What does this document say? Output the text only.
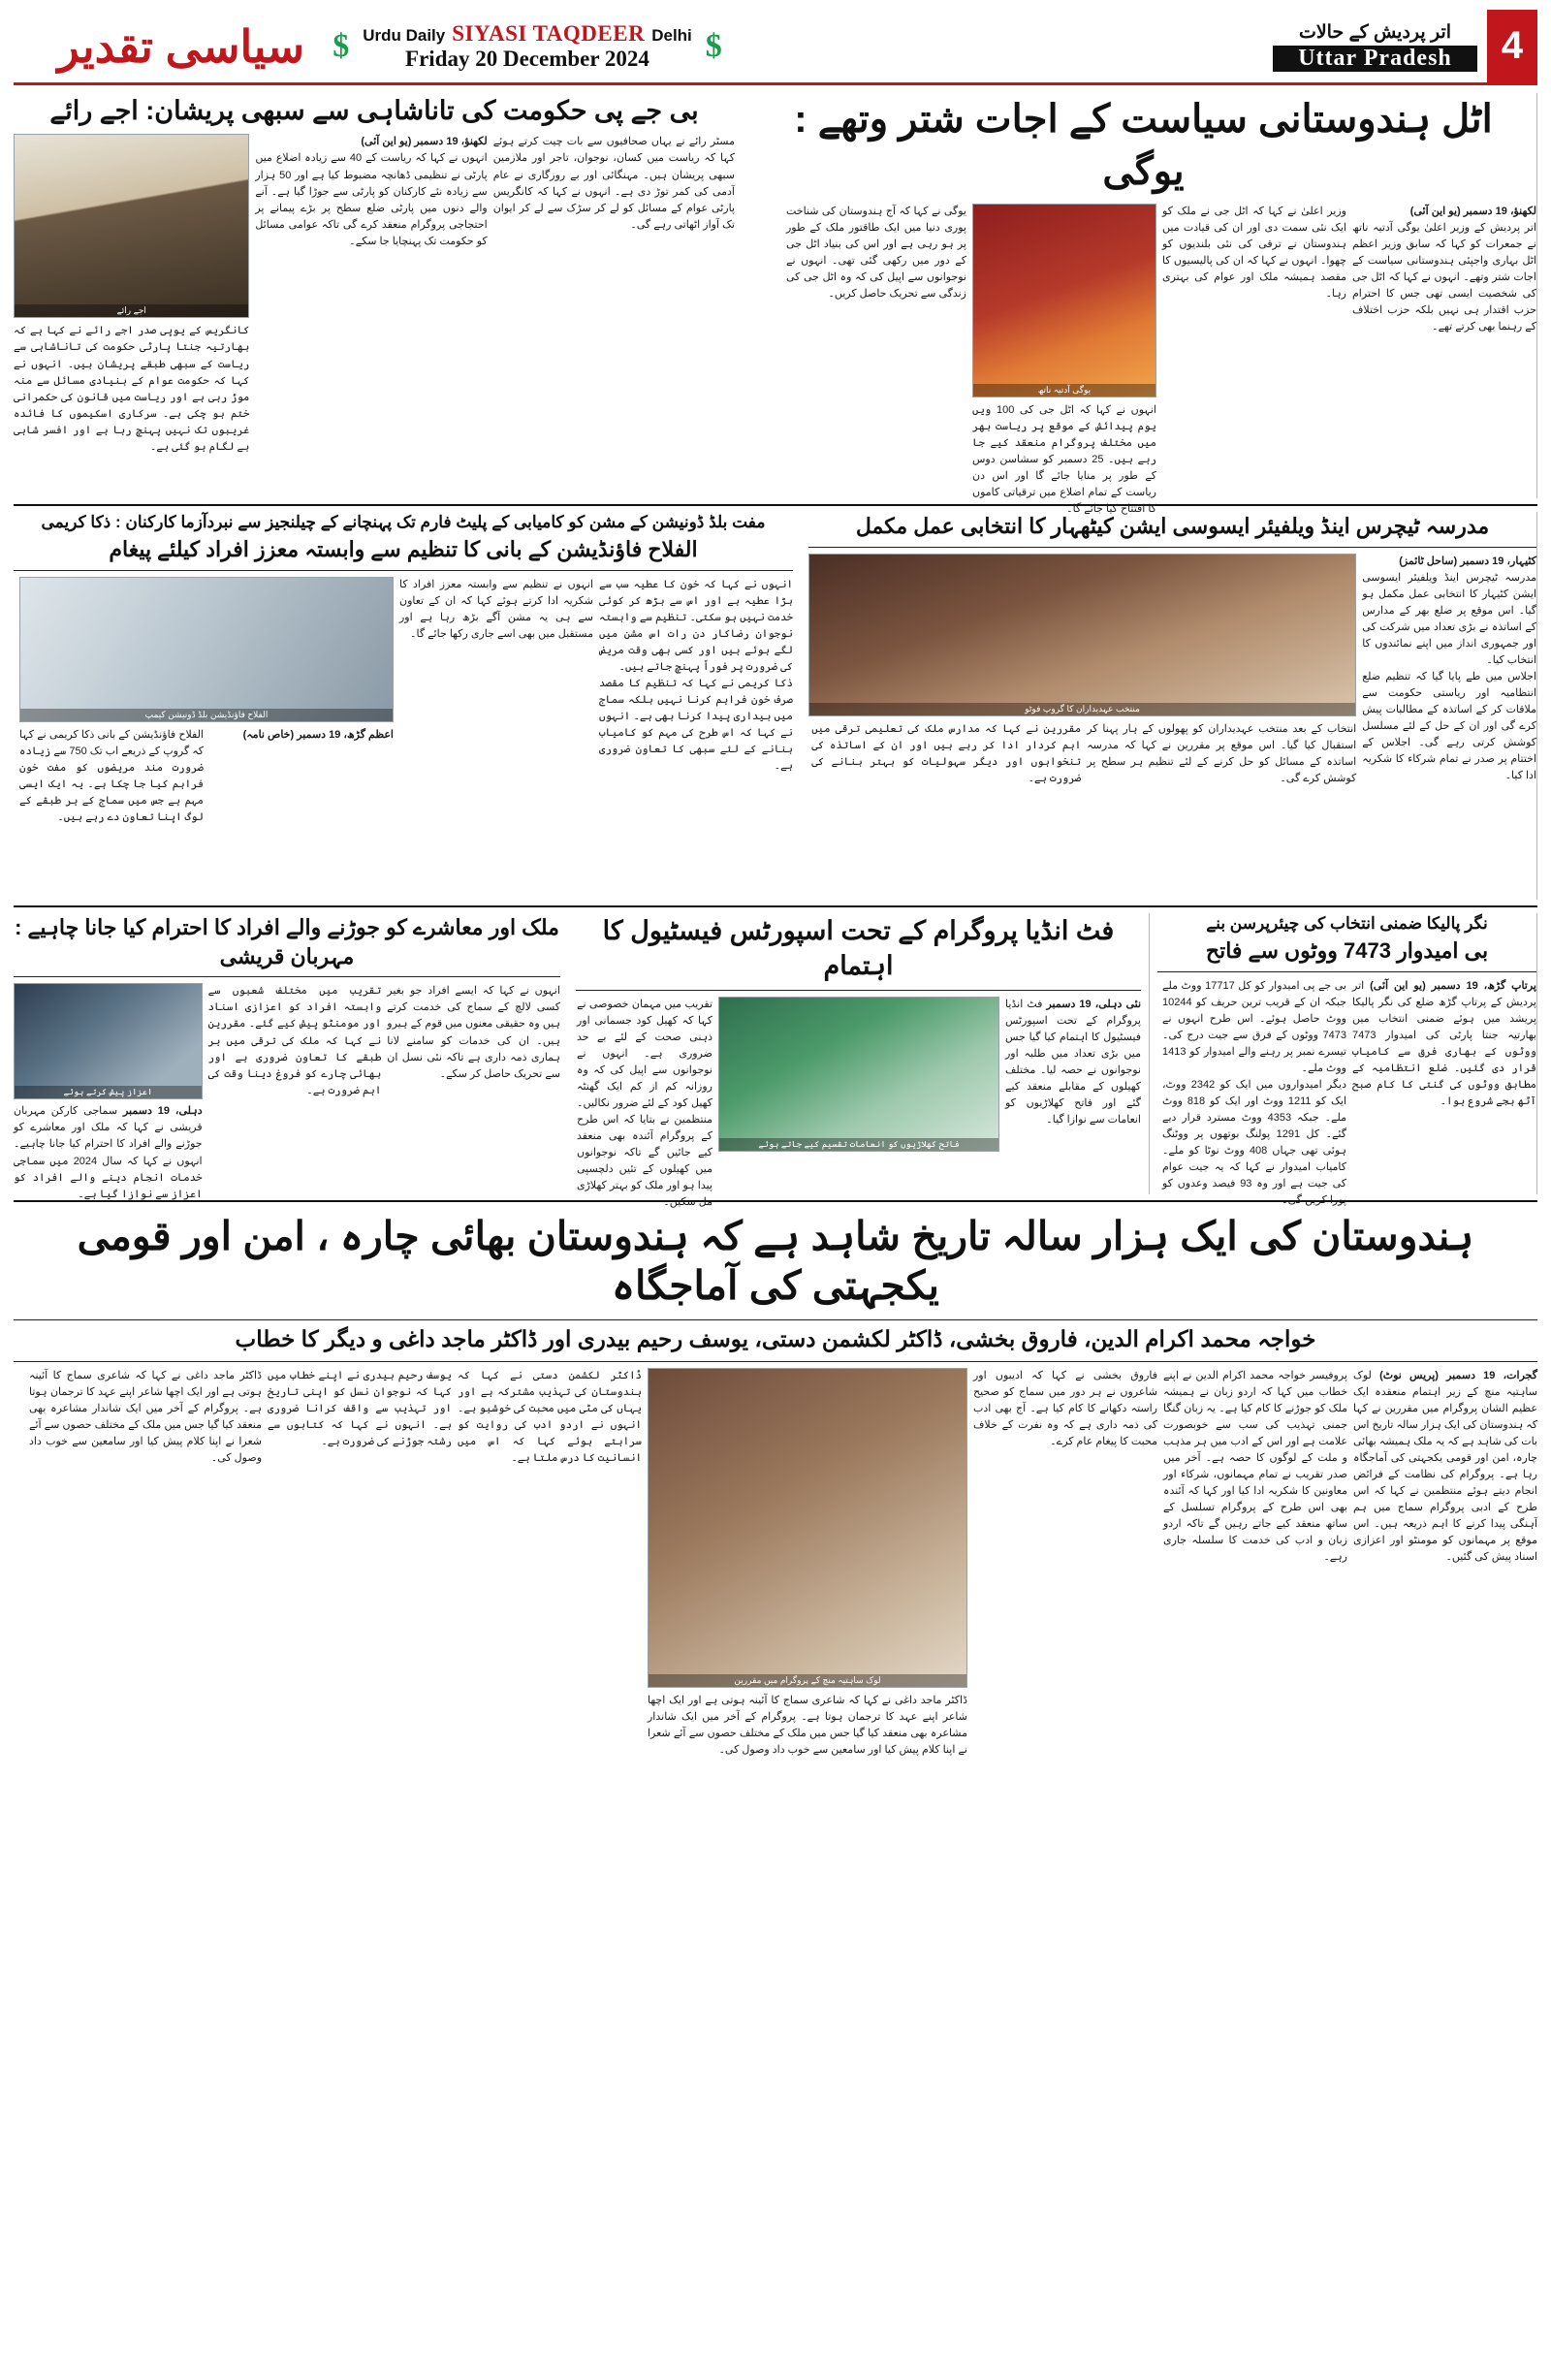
4
اتر پردیش کے حالات
Uttar Pradesh
$
Urdu Daily SIYASI TAQDEER Delhi
Friday 20 December 2024
$
سیاسی تقدیر
اٹل ہندوستانی سیاست کے اجات شتر وتھے : یوگی
لکھنؤ، 19 دسمبر (یو این آئی)
اتر پردیش کے وزیر اعلیٰ یوگی آدتیہ ناتھ نے جمعرات کو کہا کہ سابق وزیر اعظم اٹل بہاری واجپئی ہندوستانی سیاست کے اجات شتر وتھے۔ انہوں نے کہا کہ اٹل جی کی شخصیت ایسی تھی جس کا احترام حزب اقتدار ہی نہیں بلکہ حزب اختلاف کے رہنما بھی کرتے تھے۔
وزیر اعلیٰ نے کہا کہ اٹل جی نے ملک کو ایک نئی سمت دی اور ان کی قیادت میں ہندوستان نے ترقی کی نئی بلندیوں کو چھوا۔ انہوں نے کہا کہ ان کی پالیسیوں کا مقصد ہمیشہ ملک اور عوام کی بہتری رہا۔
یوگی آدتیہ ناتھ
انہوں نے کہا کہ اٹل جی کی 100 ویں یوم پیدائش کے موقع پر ریاست بھر میں مختلف پروگرام منعقد کیے جا رہے ہیں۔ 25 دسمبر کو سشاسن دوس کے طور پر منایا جائے گا اور اس دن ریاست کے تمام اضلاع میں ترقیاتی کاموں کا افتتاح کیا جائے گا۔
یوگی نے کہا کہ آج ہندوستان کی شناخت پوری دنیا میں ایک طاقتور ملک کے طور پر ہو رہی ہے اور اس کی بنیاد اٹل جی کے دور میں رکھی گئی تھی۔ انہوں نے نوجوانوں سے اپیل کی کہ وہ اٹل جی کی زندگی سے تحریک حاصل کریں۔
بی جے پی حکومت کی تاناشاہی سے سبھی پریشان: اجے رائے
مسٹر رائے نے یہاں صحافیوں سے بات چیت کرتے ہوئے کہا کہ ریاست میں کسان، نوجوان، تاجر اور ملازمین سبھی پریشان ہیں۔ مہنگائی اور بے روزگاری نے عام آدمی کی کمر توڑ دی ہے۔ انہوں نے کہا کہ کانگریس پارٹی عوام کے مسائل کو لے کر سڑک سے لے کر ایوان تک آواز اٹھاتی رہے گی۔
لکھنؤ، 19 دسمبر (یو این آئی)
انہوں نے کہا کہ ریاست کے 40 سے زیادہ اضلاع میں پارٹی نے تنظیمی ڈھانچہ مضبوط کیا ہے اور 50 ہزار سے زیادہ نئے کارکنان کو پارٹی سے جوڑا گیا ہے۔ آنے والے دنوں میں پارٹی ضلع سطح پر بڑے پیمانے پر احتجاجی پروگرام منعقد کرے گی تاکہ عوامی مسائل کو حکومت تک پہنچایا جا سکے۔
اجے رائے
کانگریس کے یوپی صدر اجے رائے نے کہا ہے کہ بھارتیہ جنتا پارٹی حکومت کی تاناشاہی سے ریاست کے سبھی طبقے پریشان ہیں۔ انہوں نے کہا کہ حکومت عوام کے بنیادی مسائل سے منہ موڑ رہی ہے اور ریاست میں قانون کی حکمرانی ختم ہو چکی ہے۔ سرکاری اسکیموں کا فائدہ غریبوں تک نہیں پہنچ رہا ہے اور افسر شاہی بے لگام ہو گئی ہے۔
مدرسہ ٹیچرس اینڈ ویلفیئر ایسوسی ایشن کیٹھہار کا انتخابی عمل مکمل
کٹیہار، 19 دسمبر (ساحل ٹائمز)
مدرسہ ٹیچرس اینڈ ویلفیئر ایسوسی ایشن کٹیہار کا انتخابی عمل مکمل ہو گیا۔ اس موقع پر ضلع بھر کے مدارس کے اساتذہ نے بڑی تعداد میں شرکت کی اور جمہوری انداز میں اپنے نمائندوں کا انتخاب کیا۔
اجلاس میں طے پایا گیا کہ تنظیم ضلع انتظامیہ اور ریاستی حکومت سے ملاقات کر کے اساتذہ کے مطالبات پیش کرے گی اور ان کے حل کے لئے مسلسل کوشش کرتی رہے گی۔ اجلاس کے اختتام پر صدر نے تمام شرکاء کا شکریہ ادا کیا۔
منتخب عہدیداران کا گروپ فوٹو
انتخاب کے بعد منتخب عہدیداران کو پھولوں کے ہار پہنا کر استقبال کیا گیا۔ اس موقع پر مقررین نے کہا کہ مدرسہ اساتذہ کے مسائل کو حل کرنے کے لئے تنظیم ہر سطح پر کوشش کرے گی۔
مقررین نے کہا کہ مدارس ملک کی تعلیمی ترقی میں اہم کردار ادا کر رہے ہیں اور ان کے اساتذہ کی تنخواہوں اور دیگر سہولیات کو بہتر بنانے کی ضرورت ہے۔
مفت بلڈ ڈونیشن کے مشن کو کامیابی کے پلیٹ فارم تک پہنچانے کے چیلنجیز سے نبردآزما کارکنان : ذکا کریمی
الفلاح فاؤنڈیشن کے بانی کا تنظیم سے وابستہ معزز افراد کیلئے پیغام
انہوں نے کہا کہ خون کا عطیہ سب سے بڑا عطیہ ہے اور اس سے بڑھ کر کوئی خدمت نہیں ہو سکتی۔ تنظیم سے وابستہ نوجوان رضاکار دن رات اس مشن میں لگے ہوئے ہیں اور کسی بھی وقت مریض کی ضرورت پر فوراً پہنچ جاتے ہیں۔
ذکا کریمی نے کہا کہ تنظیم کا مقصد صرف خون فراہم کرنا نہیں بلکہ سماج میں بیداری پیدا کرنا بھی ہے۔ انہوں نے کہا کہ اس طرح کی مہم کو کامیاب بنانے کے لئے سبھی کا تعاون ضروری ہے۔
انہوں نے تنظیم سے وابستہ معزز افراد کا شکریہ ادا کرتے ہوئے کہا کہ ان کے تعاون سے ہی یہ مشن آگے بڑھ رہا ہے اور مستقبل میں بھی اسے جاری رکھا جائے گا۔
الفلاح فاؤنڈیشن بلڈ ڈونیشن کیمپ
اعظم گڑھ، 19 دسمبر (خاص نامہ)
الفلاح فاؤنڈیشن کے بانی ذکا کریمی نے کہا کہ گروپ کے ذریعے اب تک 750 سے زیادہ ضرورت مند مریضوں کو مفت خون فراہم کیا جا چکا ہے۔ یہ ایک ایسی مہم ہے جس میں سماج کے ہر طبقے کے لوگ اپنا تعاون دے رہے ہیں۔
نگر پالیکا ضمنی انتخاب کی چیئرپرسن بنے
بی امیدوار 7473 ووٹوں سے فاتح
پرتاپ گڑھ، 19 دسمبر (یو این آئی) اتر پردیش کے پرتاپ گڑھ ضلع کی نگر پالیکا پریشد میں ہوئے ضمنی انتخاب میں بھارتیہ جنتا پارٹی کی امیدوار 7473 ووٹوں کے بھاری فرق سے کامیاب قرار دی گئیں۔ ضلع انتظامیہ کے مطابق ووٹوں کی گنتی کا کام صبح آٹھ بجے شروع ہوا۔
بی جے پی امیدوار کو کل 17717 ووٹ ملے جبکہ ان کے قریب ترین حریف کو 10244 ووٹ حاصل ہوئے۔ اس طرح انہوں نے 7473 ووٹوں کے فرق سے جیت درج کی۔ تیسرے نمبر پر رہنے والے امیدوار کو 1413 ووٹ ملے۔
دیگر امیدواروں میں ایک کو 2342 ووٹ، ایک کو 1211 ووٹ اور ایک کو 818 ووٹ ملے۔ جبکہ 4353 ووٹ مسترد قرار دیے گئے۔ کل 1291 پولنگ بوتھوں پر ووٹنگ ہوئی تھی جہاں 408 ووٹ نوٹا کو ملے۔ کامیاب امیدوار نے کہا کہ یہ جیت عوام کی جیت ہے اور وہ 93 فیصد وعدوں کو پورا کریں گی۔
فٹ انڈیا پروگرام کے تحت اسپورٹس فیسٹیول کا اہتمام
نئی دہلی، 19 دسمبر فٹ انڈیا پروگرام کے تحت اسپورٹس فیسٹیول کا اہتمام کیا گیا جس میں بڑی تعداد میں طلبہ اور نوجوانوں نے حصہ لیا۔ مختلف کھیلوں کے مقابلے منعقد کیے گئے اور فاتح کھلاڑیوں کو انعامات سے نوازا گیا۔
فاتح کھلاڑیوں کو انعامات تقسیم کیے جاتے ہوئے
تقریب میں مہمان خصوصی نے کہا کہ کھیل کود جسمانی اور ذہنی صحت کے لئے بے حد ضروری ہے۔ انہوں نے نوجوانوں سے اپیل کی کہ وہ روزانہ کم از کم ایک گھنٹہ کھیل کود کے لئے ضرور نکالیں۔ منتظمین نے بتایا کہ اس طرح کے پروگرام آئندہ بھی منعقد کیے جائیں گے تاکہ نوجوانوں میں کھیلوں کے تئیں دلچسپی پیدا ہو اور ملک کو بہتر کھلاڑی مل سکیں۔
ملک اور معاشرے کو جوڑنے والے افراد کا احترام کیا جانا چاہیے : مہربان قریشی
انہوں نے کہا کہ ایسے افراد جو بغیر کسی لالچ کے سماج کی خدمت کرتے ہیں وہ حقیقی معنوں میں قوم کے ہیرو ہیں۔ ان کی خدمات کو سامنے لانا ہماری ذمہ داری ہے تاکہ نئی نسل ان سے تحریک حاصل کر سکے۔
تقریب میں مختلف شعبوں سے وابستہ افراد کو اعزازی اسناد اور مومنٹو پیش کیے گئے۔ مقررین نے کہا کہ ملک کی ترقی میں ہر طبقے کا تعاون ضروری ہے اور بھائی چارے کو فروغ دینا وقت کی اہم ضرورت ہے۔
اعزاز پیش کرتے ہوئے
دہلی، 19 دسمبر سماجی کارکن مہربان قریشی نے کہا کہ ملک اور معاشرے کو جوڑنے والے افراد کا احترام کیا جانا چاہیے۔ انہوں نے کہا کہ سال 2024 میں سماجی خدمات انجام دینے والے افراد کو اعزاز سے نوازا گیا ہے۔
ہندوستان کی ایک ہزار سالہ تاریخ شاہد ہے کہ ہندوستان بھائی چارہ ، امن اور قومی یکجہتی کی آماجگاہ
خواجہ محمد اکرام الدین، فاروق بخشی، ڈاکٹر لکشمن دستی، یوسف رحیم بیدری اور ڈاکٹر ماجد داغی و دیگر کا خطاب
گجرات، 19 دسمبر (پریس نوٹ) لوک ساہتیہ منچ کے زیر اہتمام منعقدہ ایک عظیم الشان پروگرام میں مقررین نے کہا کہ ہندوستان کی ایک ہزار سالہ تاریخ اس بات کی شاہد ہے کہ یہ ملک ہمیشہ بھائی چارہ، امن اور قومی یکجہتی کی آماجگاہ رہا ہے۔ پروگرام کی نظامت کے فرائض انجام دیتے ہوئے منتظمین نے کہا کہ اس طرح کے ادبی پروگرام سماج میں ہم آہنگی پیدا کرنے کا اہم ذریعہ ہیں۔ اس موقع پر مہمانوں کو مومنٹو اور اعزازی اسناد پیش کی گئیں۔
پروفیسر خواجہ محمد اکرام الدین نے اپنے خطاب میں کہا کہ اردو زبان نے ہمیشہ ملک کو جوڑنے کا کام کیا ہے۔ یہ زبان گنگا جمنی تہذیب کی سب سے خوبصورت علامت ہے اور اس کے ادب میں ہر مذہب و ملت کے لوگوں کا حصہ ہے۔ آخر میں صدر تقریب نے تمام مہمانوں، شرکاء اور معاونین کا شکریہ ادا کیا اور کہا کہ آئندہ بھی اس طرح کے پروگرام تسلسل کے ساتھ منعقد کیے جاتے رہیں گے تاکہ اردو زبان و ادب کی خدمت کا سلسلہ جاری رہے۔
فاروق بخشی نے کہا کہ ادیبوں اور شاعروں نے ہر دور میں سماج کو صحیح راستہ دکھانے کا کام کیا ہے۔ آج بھی ادب کی ذمہ داری ہے کہ وہ نفرت کے خلاف محبت کا پیغام عام کرے۔
لوک ساہتیہ منچ کے پروگرام میں مقررین
ڈاکٹر ماجد داغی نے کہا کہ شاعری سماج کا آئینہ ہوتی ہے اور ایک اچھا شاعر اپنے عہد کا ترجمان ہوتا ہے۔ پروگرام کے آخر میں ایک شاندار مشاعرہ بھی منعقد کیا گیا جس میں ملک کے مختلف حصوں سے آئے شعرا نے اپنا کلام پیش کیا اور سامعین سے خوب داد وصول کی۔
ڈاکٹر لکشمن دستی نے کہا کہ ہندوستان کی تہذیب مشترکہ ہے اور یہاں کی مٹی میں محبت کی خوشبو ہے۔ انہوں نے اردو ادب کی روایت کو سراہتے ہوئے کہا کہ اس میں انسانیت کا درس ملتا ہے۔
یوسف رحیم بیدری نے اپنے خطاب میں کہا کہ نوجوان نسل کو اپنی تاریخ اور تہذیب سے واقف کرانا ضروری ہے۔ انہوں نے کہا کہ کتابوں سے رشتہ جوڑنے کی ضرورت ہے۔
ڈاکٹر ماجد داغی نے کہا کہ شاعری سماج کا آئینہ ہوتی ہے اور ایک اچھا شاعر اپنے عہد کا ترجمان ہوتا ہے۔ پروگرام کے آخر میں ایک شاندار مشاعرہ بھی منعقد کیا گیا جس میں ملک کے مختلف حصوں سے آئے شعرا نے اپنا کلام پیش کیا اور سامعین سے خوب داد وصول کی۔
